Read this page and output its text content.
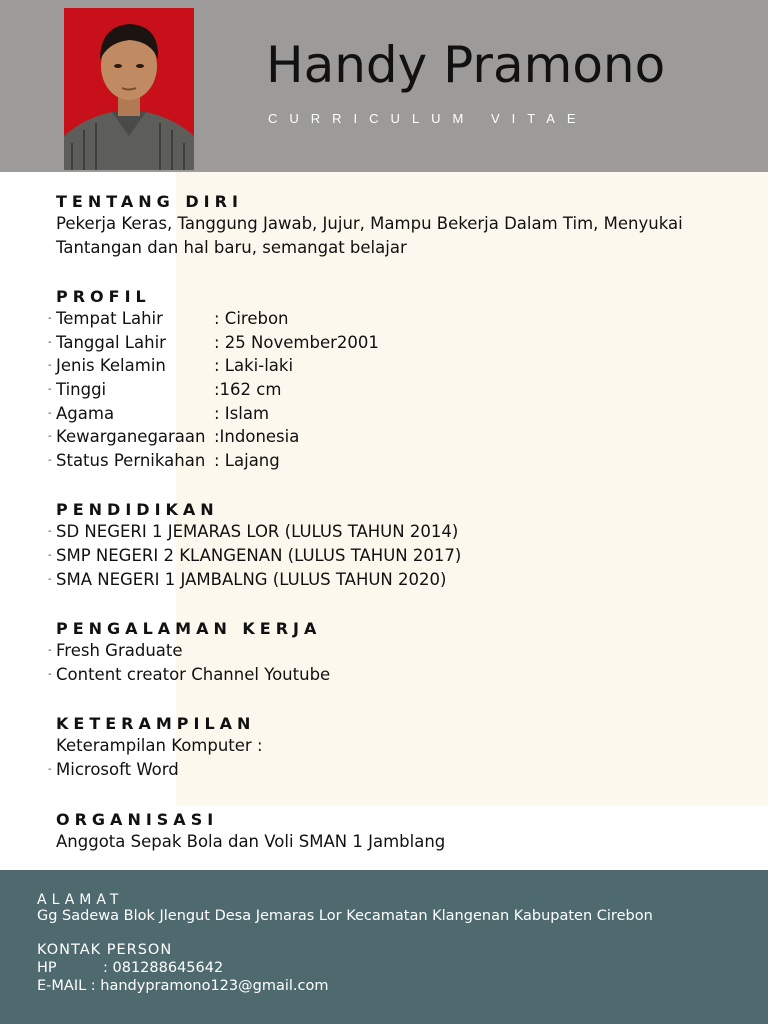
Handy Pramono
CURRICULUM VITAE
TENTANG DIRI
Pekerja Keras, Tanggung Jawab, Jujur, Mampu Bekerja Dalam Tim, Menyukai
Tantangan dan hal baru, semangat belajar
PROFIL
- Tempat Lahir	: Cirebon
- Tanggal Lahir	: 25 November2001
- Jenis Kelamin	: Laki-laki
- Tinggi	:162 cm
- Agama	: Islam
- Kewarganegaraan :Indonesia
- Status Pernikahan : Lajang
PENDIDIKAN
- SD NEGERI 1 JEMARAS LOR (LULUS TAHUN 2014)
- SMP NEGERI 2 KLANGENAN (LULUS TAHUN 2017)
- SMA NEGERI 1 JAMBALNG (LULUS TAHUN 2020)
PENGALAMAN KERJA
- Fresh Graduate
- Content creator Channel Youtube
KETERAMPILAN
Keterampilan Komputer :
- Microsoft Word
ORGANISASI
Anggota Sepak Bola dan Voli SMAN 1 Jamblang
ALAMAT
Gg Sadewa Blok Jlengut Desa Jemaras Lor Kecamatan Klangenan Kabupaten Cirebon
KONTAK PERSON
HP	: 081288645642
E-MAIL : handypramono123@gmail.com
